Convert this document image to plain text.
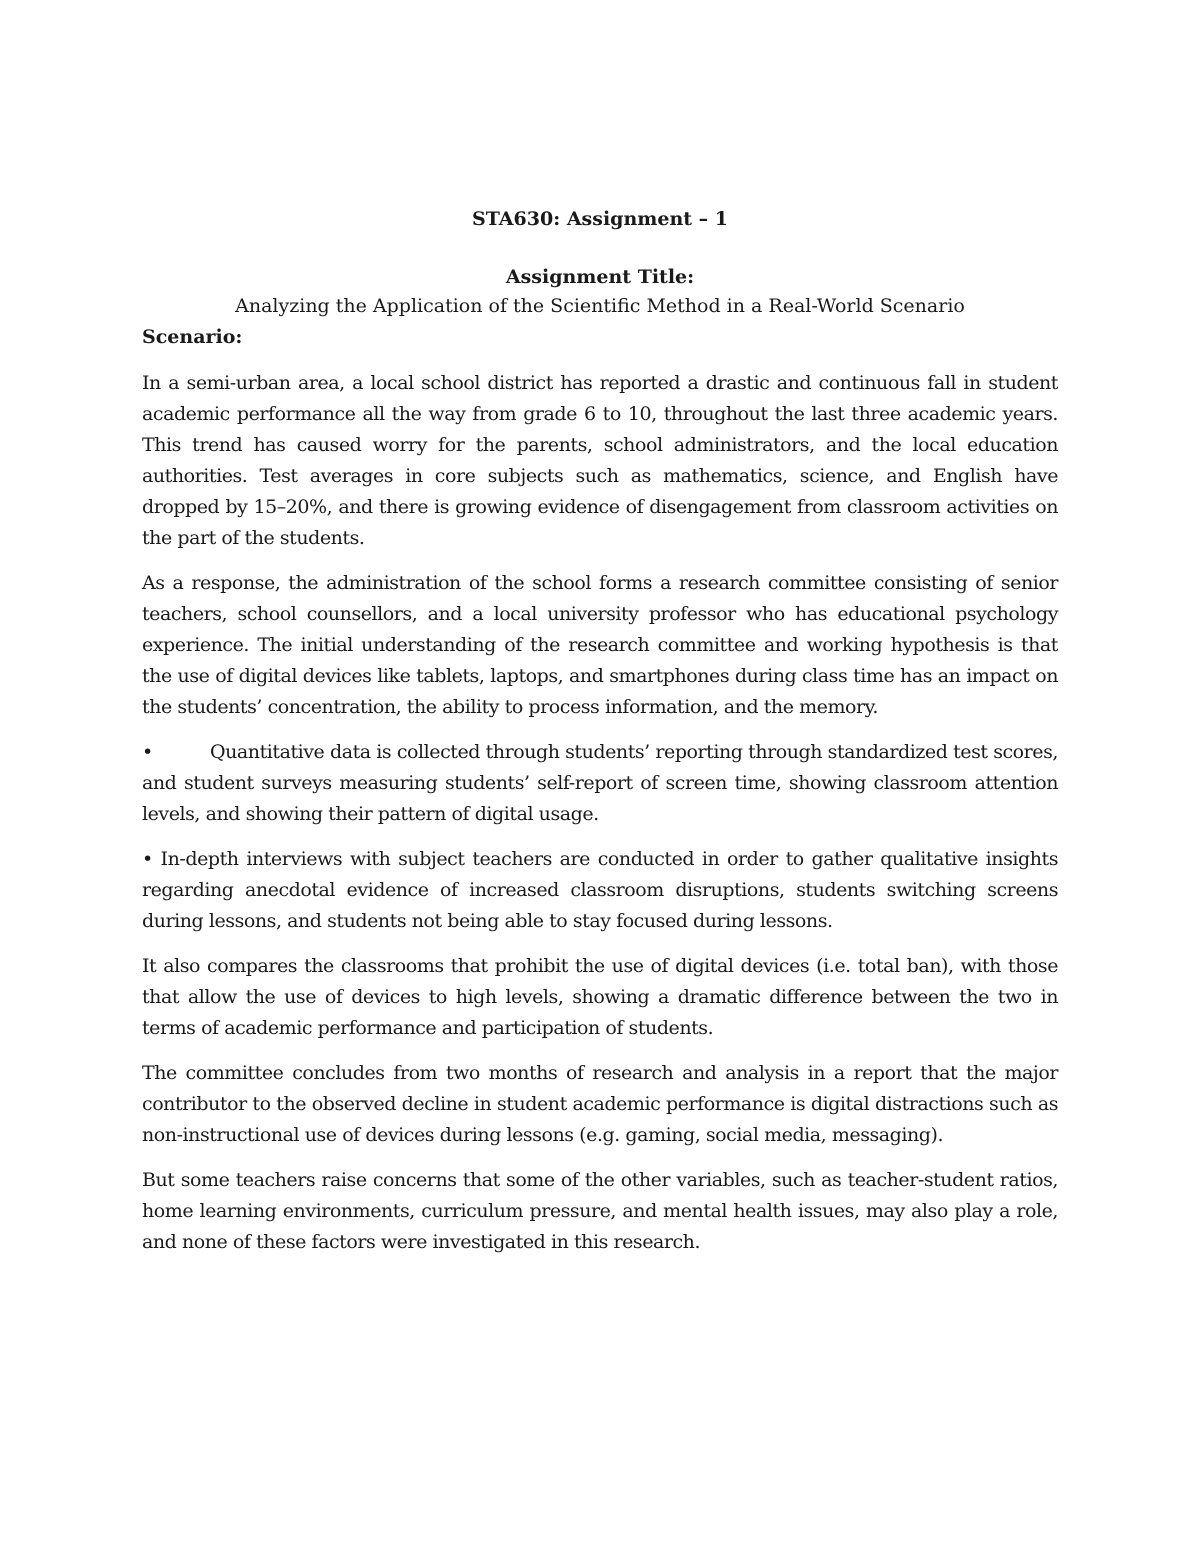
STA630: Assignment – 1

Assignment Title:

Analyzing the Application of the Scientific Method in a Real-World Scenario

Scenario:

In a semi-urban area, a local school district has reported a drastic and continuous fall in student academic performance all the way from grade 6 to 10, throughout the last three academic years. This trend has caused worry for the parents, school administrators, and the local education authorities. Test averages in core subjects such as mathematics, science, and English have dropped by 15–20%, and there is growing evidence of disengagement from classroom activities on the part of the students.

As a response, the administration of the school forms a research committee consisting of senior teachers, school counsellors, and a local university professor who has educational psychology experience. The initial understanding of the research committee and working hypothesis is that the use of digital devices like tablets, laptops, and smartphones during class time has an impact on the students’ concentration, the ability to process information, and the memory.

•	Quantitative data is collected through students’ reporting through standardized test scores, and student surveys measuring students’ self-report of screen time, showing classroom attention levels, and showing their pattern of digital usage.

• In-depth interviews with subject teachers are conducted in order to gather qualitative insights regarding anecdotal evidence of increased classroom disruptions, students switching screens during lessons, and students not being able to stay focused during lessons.

It also compares the classrooms that prohibit the use of digital devices (i.e. total ban), with those that allow the use of devices to high levels, showing a dramatic difference between the two in terms of academic performance and participation of students.

The committee concludes from two months of research and analysis in a report that the major contributor to the observed decline in student academic performance is digital distractions such as non-instructional use of devices during lessons (e.g. gaming, social media, messaging).

But some teachers raise concerns that some of the other variables, such as teacher-student ratios, home learning environments, curriculum pressure, and mental health issues, may also play a role, and none of these factors were investigated in this research.
